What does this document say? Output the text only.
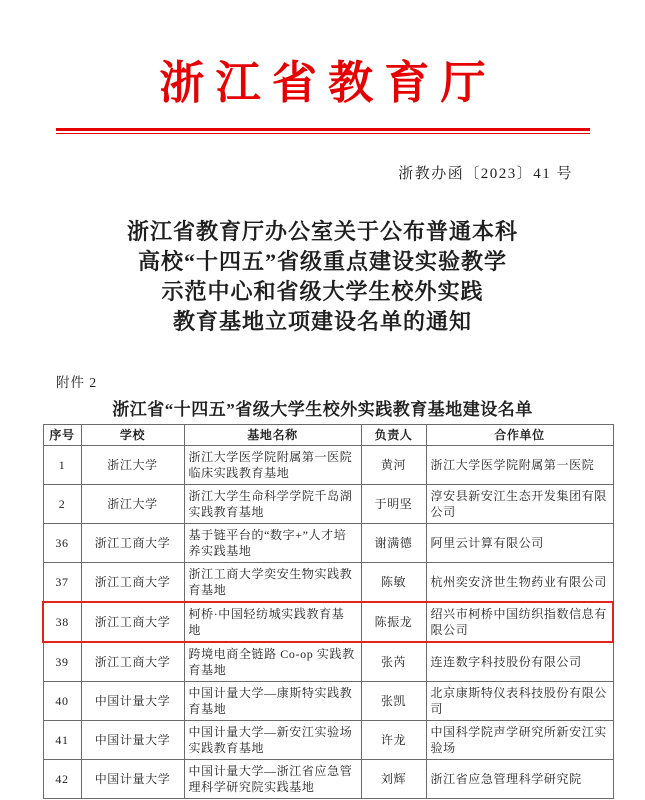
浙 江 省 教 育 厅
浙教办函〔2023〕41 号
浙江省教育厅办公室关于公布普通本科
高校“十四五”省级重点建设实验教学
示范中心和省级大学生校外实践
教育基地立项建设名单的通知
附件 2
浙江省“十四五”省级大学生校外实践教育基地建设名单
序号	学校	基地名称	负责人	合作单位
1	浙江大学	浙江大学医学院附属第一医院临床实践教育基地	黄河	浙江大学医学院附属第一医院
2	浙江大学	浙江大学生命科学学院千岛湖实践教育基地	于明坚	淳安县新安江生态开发集团有限公司
36	浙江工商大学	基于链平台的“数字+”人才培养实践基地	谢满德	阿里云计算有限公司
37	浙江工商大学	浙江工商大学奕安生物实践教育基地	陈敏	杭州奕安济世生物药业有限公司
38	浙江工商大学	柯桥·中国轻纺城实践教育基地	陈振龙	绍兴市柯桥中国纺织指数信息有限公司
39	浙江工商大学	跨境电商全链路 Co-op 实践教育基地	张芮	连连数字科技股份有限公司
40	中国计量大学	中国计量大学—康斯特实践教育基地	张凯	北京康斯特仪表科技股份有限公司
41	中国计量大学	中国计量大学—新安江实验场实践教育基地	许龙	中国科学院声学研究所新安江实验场
42	中国计量大学	中国计量大学—浙江省应急管理科学研究院实践基地	刘辉	浙江省应急管理科学研究院
